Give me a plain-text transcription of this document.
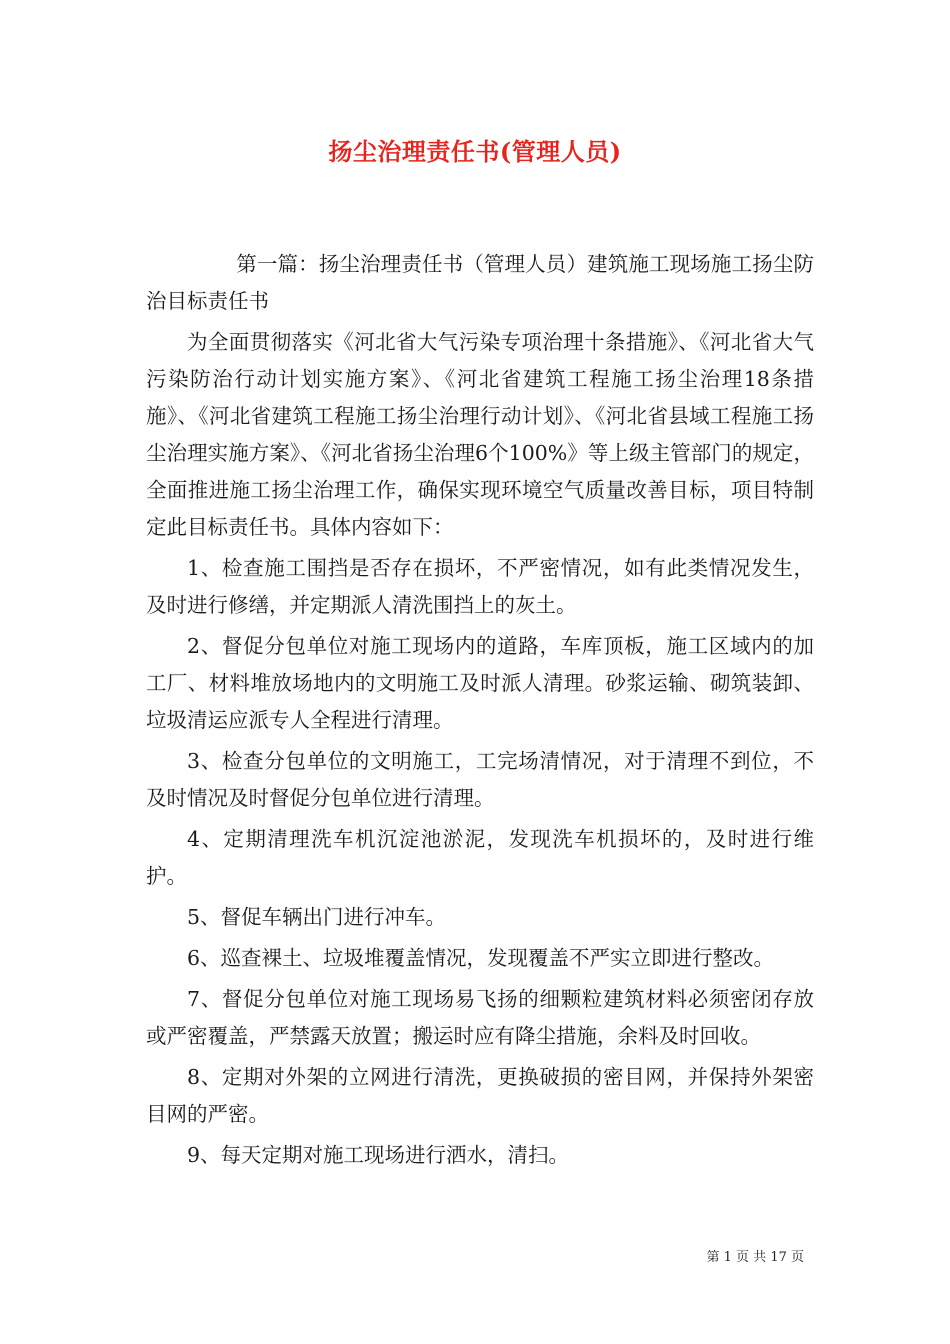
扬尘治理责任书(管理人员)

第一篇：扬尘治理责任书（管理人员）建筑施工现场施工扬尘防治目标责任书

为全面贯彻落实《河北省大气污染专项治理十条措施》、《河北省大气污染防治行动计划实施方案》、《河北省建筑工程施工扬尘治理18条措施》、《河北省建筑工程施工扬尘治理行动计划》、《河北省县域工程施工扬尘治理实施方案》、《河北省扬尘治理6个100%》等上级主管部门的规定，全面推进施工扬尘治理工作，确保实现环境空气质量改善目标，项目特制定此目标责任书。具体内容如下：

1、检查施工围挡是否存在损坏，不严密情况，如有此类情况发生，及时进行修缮，并定期派人清洗围挡上的灰土。

2、督促分包单位对施工现场内的道路，车库顶板，施工区域内的加工厂、材料堆放场地内的文明施工及时派人清理。砂浆运输、砌筑装卸、垃圾清运应派专人全程进行清理。

3、检查分包单位的文明施工，工完场清情况，对于清理不到位，不及时情况及时督促分包单位进行清理。

4、定期清理洗车机沉淀池淤泥，发现洗车机损坏的，及时进行维护。

5、督促车辆出门进行冲车。

6、巡查裸土、垃圾堆覆盖情况，发现覆盖不严实立即进行整改。

7、督促分包单位对施工现场易飞扬的细颗粒建筑材料必须密闭存放或严密覆盖，严禁露天放置；搬运时应有降尘措施，余料及时回收。

8、定期对外架的立网进行清洗，更换破损的密目网，并保持外架密目网的严密。

9、每天定期对施工现场进行洒水，清扫。

第 1 页 共 17 页
